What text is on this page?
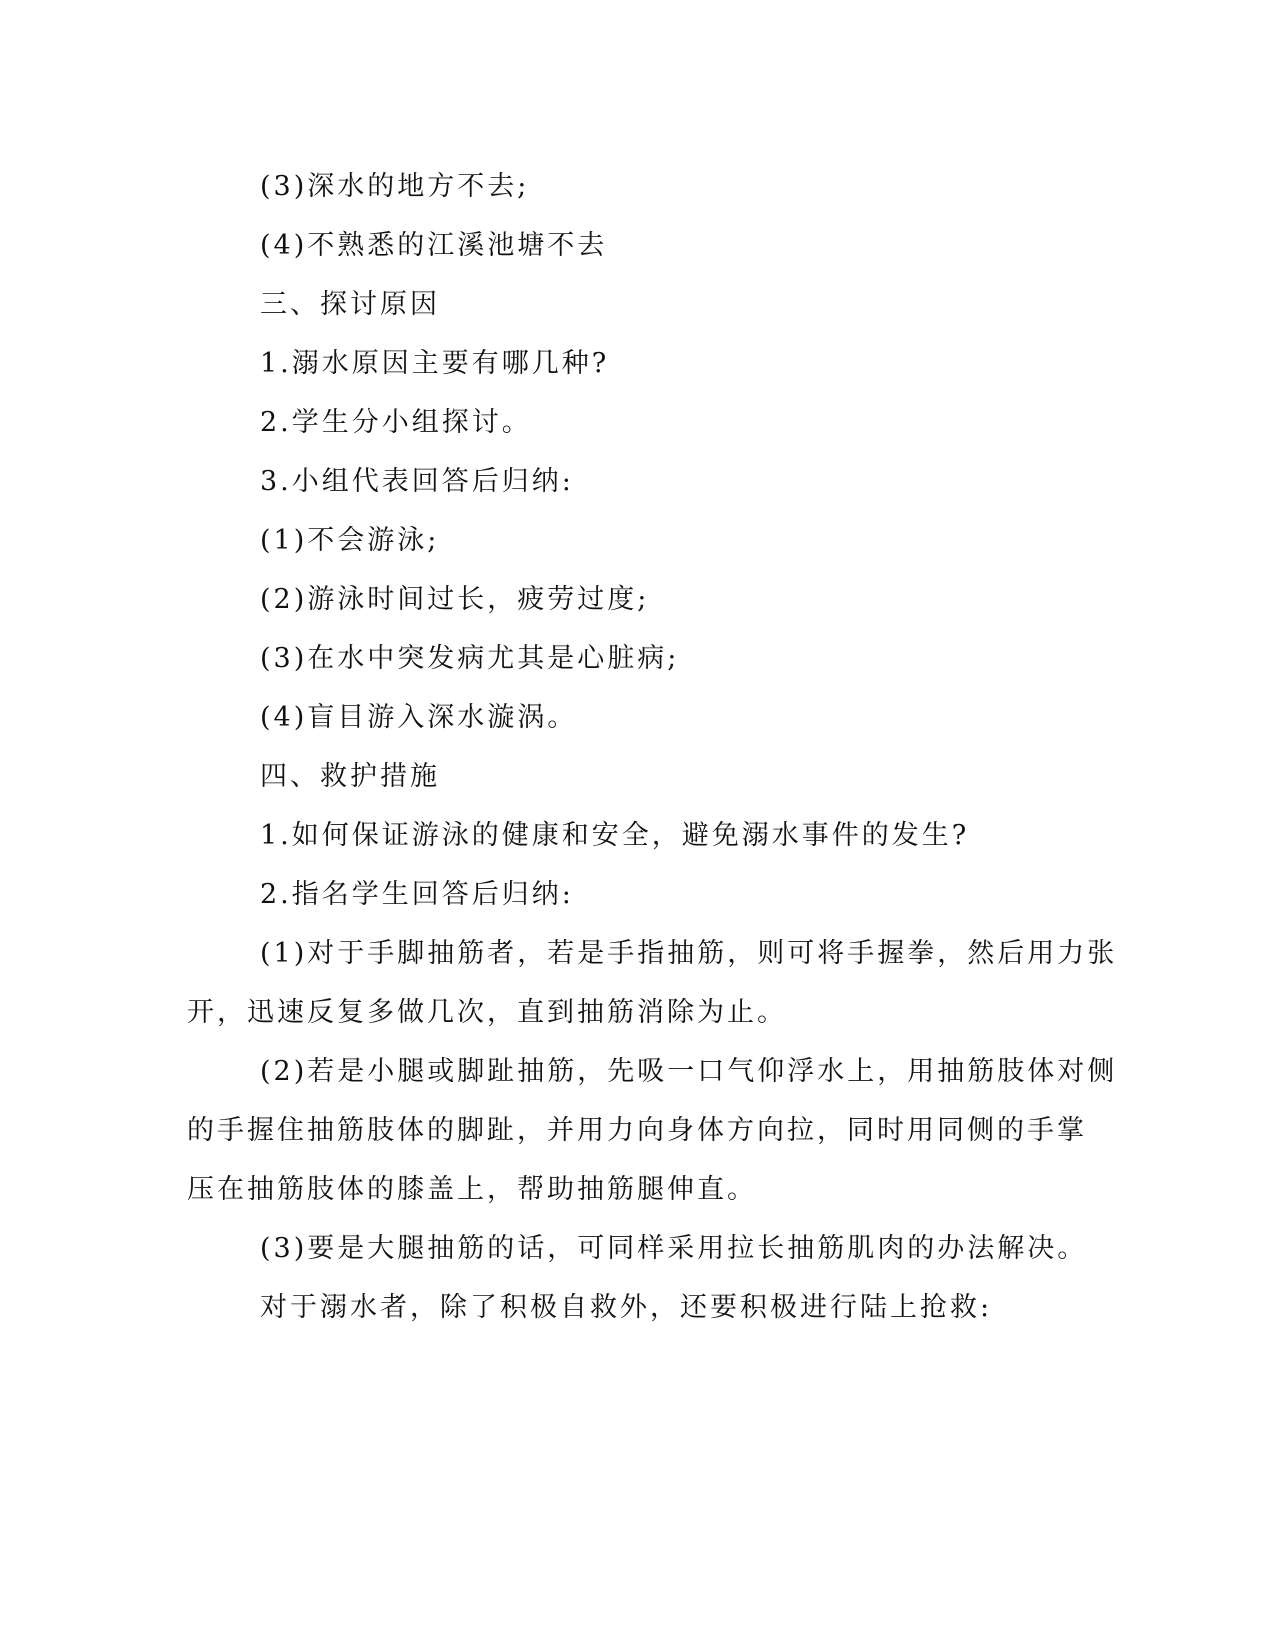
(3)深水的地方不去;
(4)不熟悉的江溪池塘不去
三、探讨原因
1.溺水原因主要有哪几种?
2.学生分小组探讨。
3.小组代表回答后归纳:
(1)不会游泳;
(2)游泳时间过长，疲劳过度;
(3)在水中突发病尤其是心脏病;
(4)盲目游入深水漩涡。
四、救护措施
1.如何保证游泳的健康和安全，避免溺水事件的发生?
2.指名学生回答后归纳:
(1)对于手脚抽筋者，若是手指抽筋，则可将手握拳，然后用力张
开，迅速反复多做几次，直到抽筋消除为止。
(2)若是小腿或脚趾抽筋，先吸一口气仰浮水上，用抽筋肢体对侧
的手握住抽筋肢体的脚趾，并用力向身体方向拉，同时用同侧的手掌
压在抽筋肢体的膝盖上，帮助抽筋腿伸直。
(3)要是大腿抽筋的话，可同样采用拉长抽筋肌肉的办法解决。
对于溺水者，除了积极自救外，还要积极进行陆上抢救:
